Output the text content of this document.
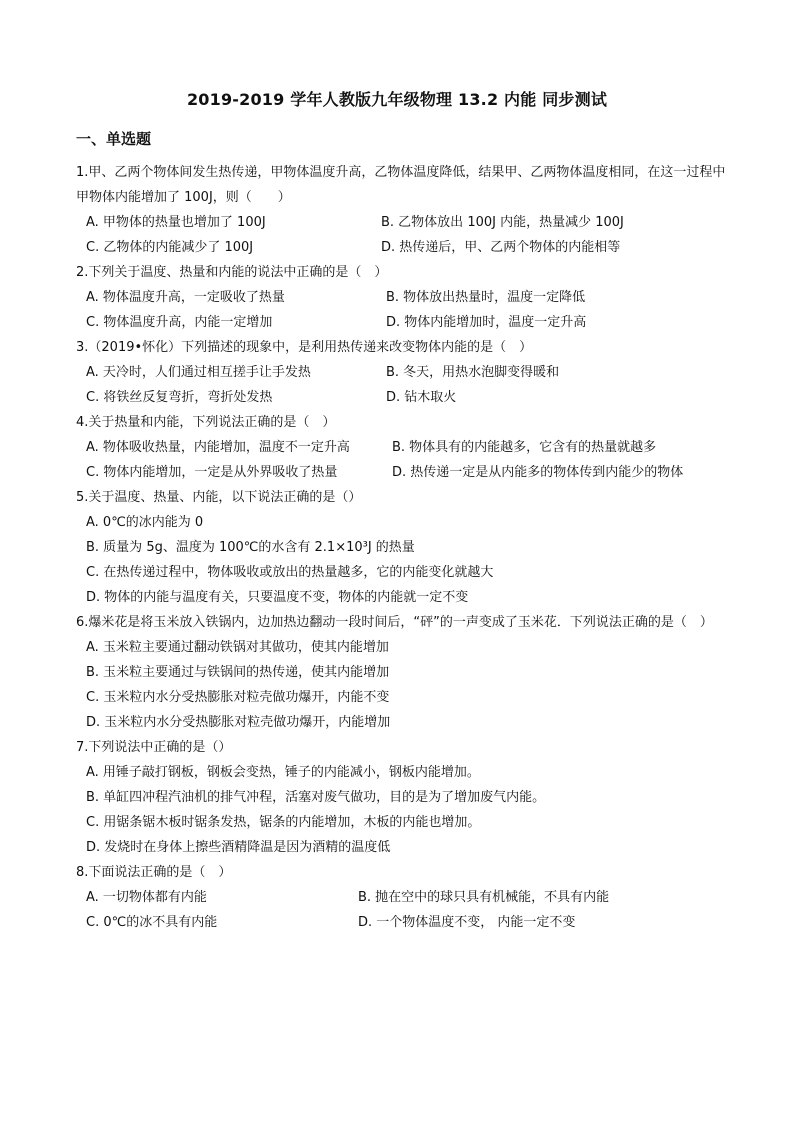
2019-2019 学年人教版九年级物理 13.2 内能 同步测试
一、单选题
1.甲、乙两个物体间发生热传递，甲物体温度升高，乙物体温度降低，结果甲、乙两物体温度相同，在这一过程中甲物体内能增加了 100J，则（　　）
A. 甲物体的热量也增加了 100J	B. 乙物体放出 100J 内能，热量减少 100J
C. 乙物体的内能减少了 100J	D. 热传递后，甲、乙两个物体的内能相等
2.下列关于温度、热量和内能的说法中正确的是（　）
A. 物体温度升高，一定吸收了热量	B. 物体放出热量时，温度一定降低
C. 物体温度升高，内能一定增加	D. 物体内能增加时，温度一定升高
3.（2019•怀化）下列描述的现象中，是利用热传递来改变物体内能的是（　）
A. 天冷时，人们通过相互搓手让手发热	B. 冬天，用热水泡脚变得暖和
C. 将铁丝反复弯折，弯折处发热	D. 钻木取火
4.关于热量和内能，下列说法正确的是（　）
A. 物体吸收热量，内能增加，温度不一定升高	B. 物体具有的内能越多，它含有的热量就越多
C. 物体内能增加，一定是从外界吸收了热量	D. 热传递一定是从内能多的物体传到内能少的物体
5.关于温度、热量、内能，以下说法正确的是（）
A. 0℃的冰内能为 0
B. 质量为 5g、温度为 100℃的水含有 2.1×10³J 的热量
C. 在热传递过程中，物体吸收或放出的热量越多，它的内能变化就越大
D. 物体的内能与温度有关，只要温度不变，物体的内能就一定不变
6.爆米花是将玉米放入铁锅内，边加热边翻动一段时间后，“砰”的一声变成了玉米花．下列说法正确的是（　）
A. 玉米粒主要通过翻动铁锅对其做功，使其内能增加
B. 玉米粒主要通过与铁锅间的热传递，使其内能增加
C. 玉米粒内水分受热膨胀对粒壳做功爆开，内能不变
D. 玉米粒内水分受热膨胀对粒壳做功爆开，内能增加
7.下列说法中正确的是（）
A. 用锤子敲打钢板，钢板会变热，锤子的内能减小，钢板内能增加。
B. 单缸四冲程汽油机的排气冲程，活塞对废气做功，目的是为了增加废气内能。
C. 用锯条锯木板时锯条发热，锯条的内能增加，木板的内能也增加。
D. 发烧时在身体上擦些酒精降温是因为酒精的温度低
8.下面说法正确的是（　）
A. 一切物体都有内能	B. 抛在空中的球只具有机械能，不具有内能
C. 0℃的冰不具有内能	D. 一个物体温度不变， 内能一定不变
